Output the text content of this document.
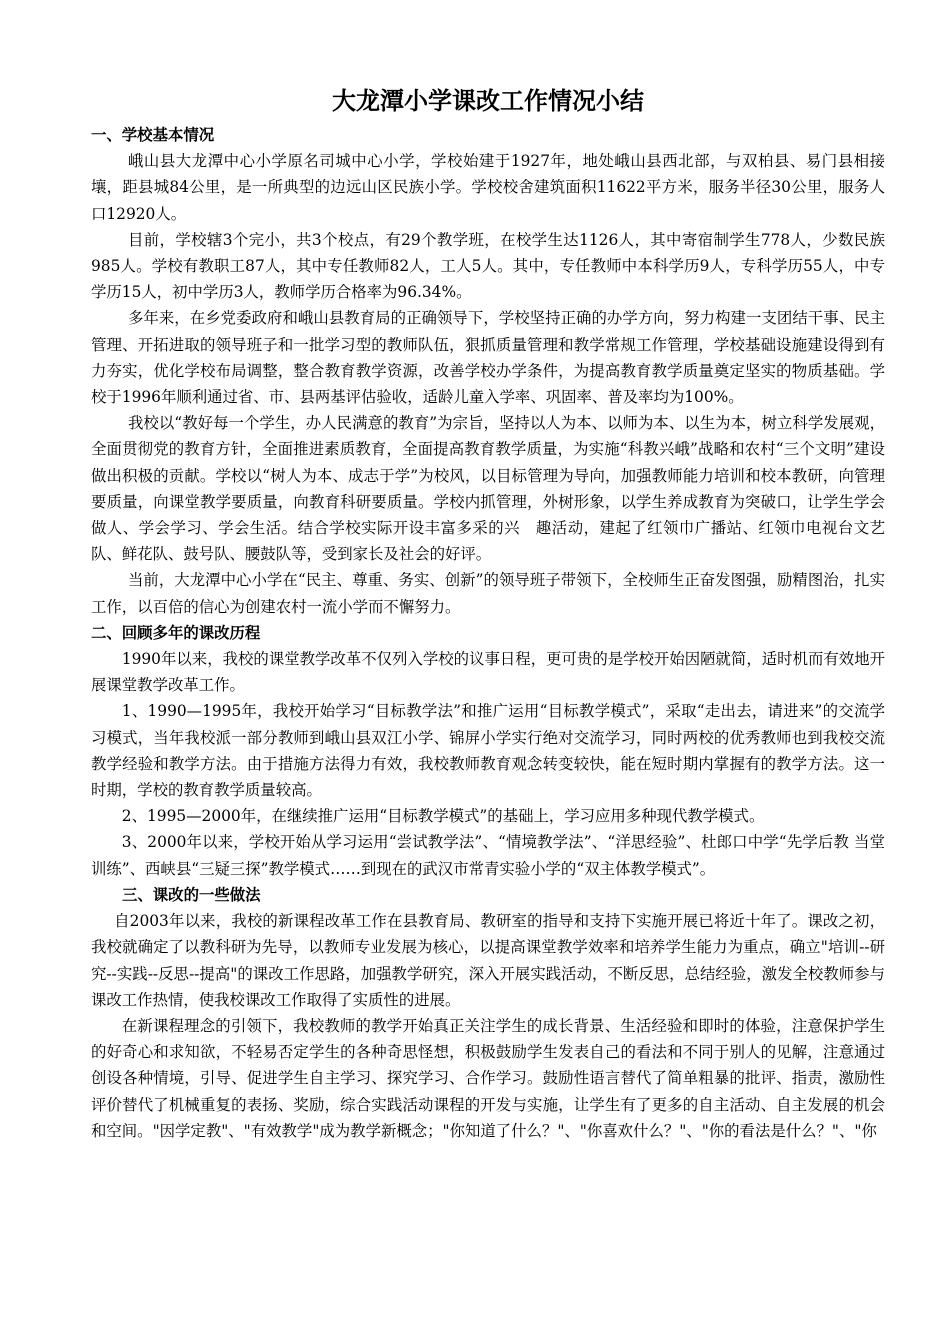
大龙潭小学课改工作情况小结
一、学校基本情况

峨山县大龙潭中心小学原名司城中心小学，学校始建于1927年，地处峨山县西北部，与双柏县、易门县相接壤，距县城84公里，是一所典型的边远山区民族小学。学校校舍建筑面积11622平方米，服务半径30公里，服务人口12920人。

目前，学校辖3个完小，共3个校点，有29个教学班，在校学生达1126人，其中寄宿制学生778人，少数民族985人。学校有教职工87人，其中专任教师82人，工人5人。其中，专任教师中本科学历9人，专科学历55人，中专学历15人，初中学历3人，教师学历合格率为96.34%。

多年来，在乡党委政府和峨山县教育局的正确领导下，学校坚持正确的办学方向，努力构建一支团结干事、民主管理、开拓进取的领导班子和一批学习型的教师队伍，狠抓质量管理和教学常规工作管理，学校基础设施建设得到有力夯实，优化学校布局调整，整合教育教学资源，改善学校办学条件，为提高教育教学质量奠定坚实的物质基础。学校于1996年顺利通过省、市、县两基评估验收，适龄儿童入学率、巩固率、普及率均为100%。

我校以“教好每一个学生，办人民满意的教育”为宗旨，坚持以人为本、以师为本、以生为本，树立科学发展观，全面贯彻党的教育方针，全面推进素质教育，全面提高教育教学质量，为实施“科教兴峨”战略和农村“三个文明”建设做出积极的贡献。学校以“树人为本、成志于学”为校风，以目标管理为导向，加强教师能力培训和校本教研，向管理要质量，向课堂教学要质量，向教育科研要质量。学校内抓管理，外树形象，以学生养成教育为突破口，让学生学会做人、学会学习、学会生活。结合学校实际开设丰富多采的兴　趣活动，建起了红领巾广播站、红领巾电视台文艺队、鲜花队、鼓号队、腰鼓队等，受到家长及社会的好评。

当前，大龙潭中心小学在“民主、尊重、务实、创新”的领导班子带领下，全校师生正奋发图强，励精图治，扎实工作，以百倍的信心为创建农村一流小学而不懈努力。

二、回顾多年的课改历程

1990年以来，我校的课堂教学改革不仅列入学校的议事日程，更可贵的是学校开始因陋就简，适时机而有效地开展课堂教学改革工作。

1、1990—1995年，我校开始学习“目标教学法”和推广运用“目标教学模式”，采取“走出去，请进来”的交流学习模式，当年我校派一部分教师到峨山县双江小学、锦屏小学实行绝对交流学习，同时两校的优秀教师也到我校交流教学经验和教学方法。由于措施方法得力有效，我校教师教育观念转变较快，能在短时期内掌握有的教学方法。这一时期，学校的教育教学质量较高。

2、1995—2000年，在继续推广运用“目标教学模式”的基础上，学习应用多种现代教学模式。

3、2000年以来，学校开始从学习运用“尝试教学法”、“情境教学法”、“洋思经验”、杜郎口中学“先学后教 当堂训练”、西峡县“三疑三探”教学模式……到现在的武汉市常青实验小学的“双主体教学模式”。

三、课改的一些做法

自2003年以来，我校的新课程改革工作在县教育局、教研室的指导和支持下实施开展已将近十年了。课改之初，我校就确定了以教科研为先导，以教师专业发展为核心，以提高课堂教学效率和培养学生能力为重点，确立"培训--研究--实践--反思--提高"的课改工作思路，加强教学研究，深入开展实践活动，不断反思，总结经验，激发全校教师参与课改工作热情，使我校课改工作取得了实质性的进展。

在新课程理念的引领下，我校教师的教学开始真正关注学生的成长背景、生活经验和即时的体验，注意保护学生的好奇心和求知欲，不轻易否定学生的各种奇思怪想，积极鼓励学生发表自己的看法和不同于别人的见解，注意通过创设各种情境，引导、促进学生自主学习、探究学习、合作学习。鼓励性语言替代了简单粗暴的批评、指责，激励性评价替代了机械重复的表扬、奖励，综合实践活动课程的开发与实施，让学生有了更多的自主活动、自主发展的机会和空间。"因学定教"、"有效教学"成为教学新概念；"你知道了什么？"、"你喜欢什么？"、"你的看法是什么？"、"你
